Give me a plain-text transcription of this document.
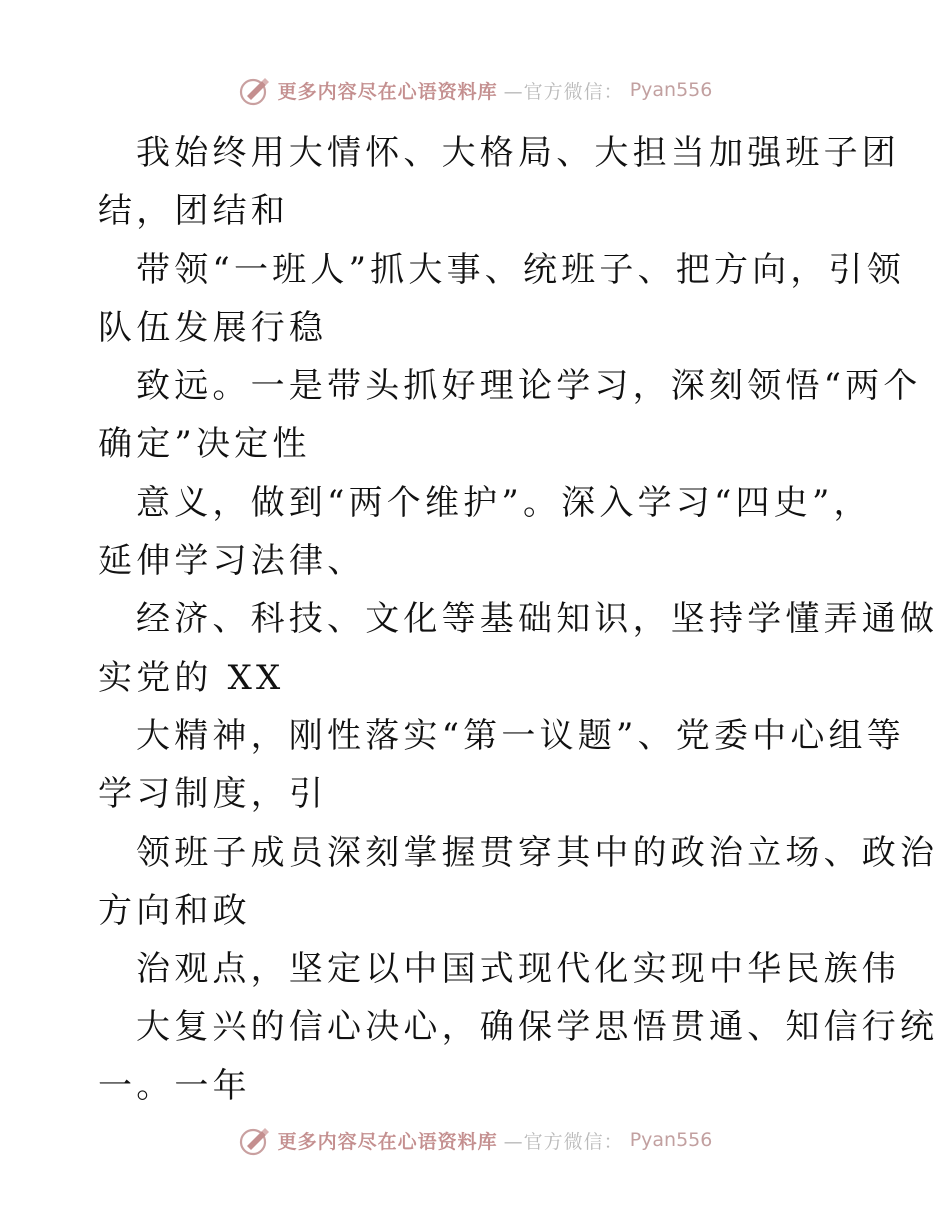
更多内容尽在心语资料库 —官方微信： Pyan556

我始终用大情怀、大格局、大担当加强班子团

结，团结和

带领“一班人”抓大事、统班子、把方向，引领

队伍发展行稳

致远。一是带头抓好理论学习，深刻领悟“两个

确定”决定性

意义，做到“两个维护”。深入学习“四史”，

延伸学习法律、

经济、科技、文化等基础知识，坚持学懂弄通做

实党的 XX

大精神，刚性落实“第一议题”、党委中心组等

学习制度，引

领班子成员深刻掌握贯穿其中的政治立场、政治

方向和政

治观点，坚定以中国式现代化实现中华民族伟

大复兴的信心决心，确保学思悟贯通、知信行统

一。一年

更多内容尽在心语资料库 —官方微信： Pyan556
